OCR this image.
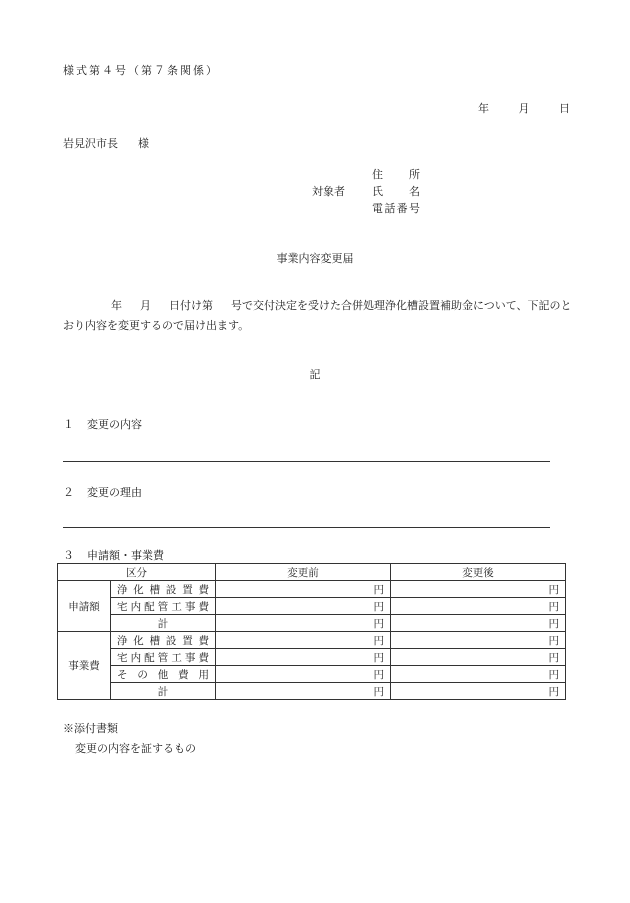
様式第４号（第７条関係）
年	月	日
岩見沢市長 様
対象者
住所
氏名
電話番号
事業内容変更届
年 月 日付け第 号で交付決定を受けた合併処理浄化槽設置補助金について、下記のとおり内容を変更するので届け出ます。
記
１ 変更の内容
２ 変更の理由
３ 申請額・事業費
区分		変更前	変更後
申請額	浄化槽設置費	円	円
	宅内配管工事費	円	円
	計	円	円
事業費	浄化槽設置費	円	円
	宅内配管工事費	円	円
	その他費用	円	円
	計	円	円
※添付書類
変更の内容を証するもの
